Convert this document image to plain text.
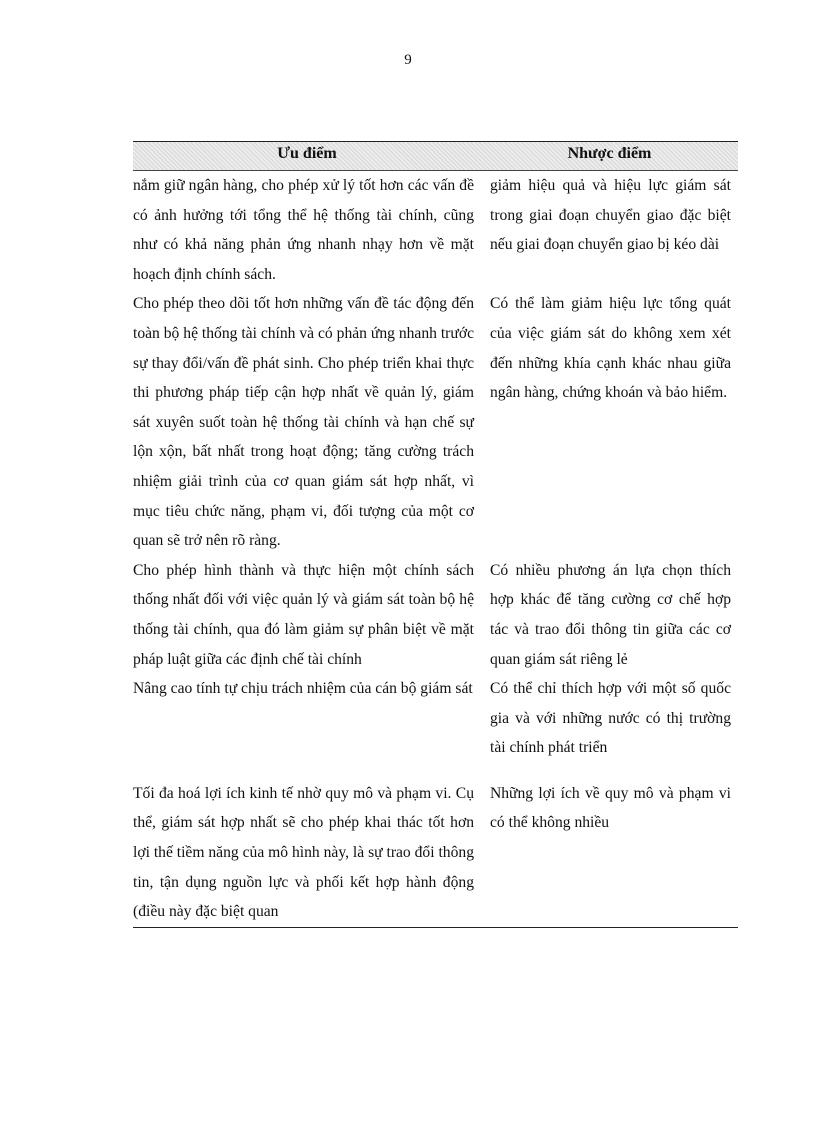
9
Ưu điểm	Nhược điểm
nắm giữ ngân hàng, cho phép xử lý tốt hơn các vấn đề có ảnh hưởng tới tổng thể hệ thống tài chính, cũng như có khả năng phản ứng nhanh nhạy hơn về mặt hoạch định chính sách.
giảm hiệu quả và hiệu lực giám sát trong giai đoạn chuyển giao đặc biệt nếu giai đoạn chuyển giao bị kéo dài
Cho phép theo dõi tốt hơn những vấn đề tác động đến toàn bộ hệ thống tài chính và có phản ứng nhanh trước sự thay đổi/vấn đề phát sinh. Cho phép triển khai thực thi phương pháp tiếp cận hợp nhất về quản lý, giám sát xuyên suốt toàn hệ thống tài chính và hạn chế sự lộn xộn, bất nhất trong hoạt động; tăng cường trách nhiệm giải trình của cơ quan giám sát hợp nhất, vì mục tiêu chức năng, phạm vi, đối tượng của một cơ quan sẽ trở nên rõ ràng.
Có thể làm giảm hiệu lực tổng quát của việc giám sát do không xem xét đến những khía cạnh khác nhau giữa ngân hàng, chứng khoán và bảo hiểm.
Cho phép hình thành và thực hiện một chính sách thống nhất đối với việc quản lý và giám sát toàn bộ hệ thống tài chính, qua đó làm giảm sự phân biệt về mặt pháp luật giữa các định chế tài chính
Có nhiều phương án lựa chọn thích hợp khác để tăng cường cơ chế hợp tác và trao đổi thông tin giữa các cơ quan giám sát riêng lẻ
Nâng cao tính tự chịu trách nhiệm của cán bộ giám sát Có thể chỉ thích hợp với một số quốc gia và với những nước có thị trường tài chính phát triển
Tối đa hoá lợi ích kinh tế nhờ quy mô và phạm vi. Cụ thể, giám sát hợp nhất sẽ cho phép khai thác tốt hơn lợi thế tiềm năng của mô hình này, là sự trao đổi thông tin, tận dụng nguồn lực và phối kết hợp hành động (điều này đặc biệt quan
Những lợi ích về quy mô và phạm vi có thể không nhiều
